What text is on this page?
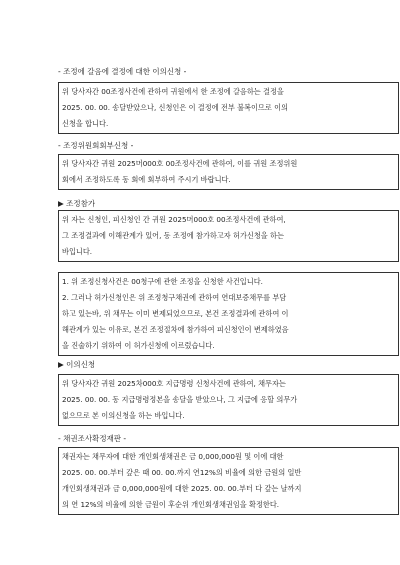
- 조정에 갈음에 결정에 대한 이의신청 -

위 당사자간 00조정사건에 관하여 귀원에서 한 조정에 갈음하는 결정을

2025. 00. 00. 송달받았으나, 신청인은 이 결정에 전부 불복이므로 이의

신청을 합니다.

- 조정위원회회부신청 -

위 당사자간 귀원 2025머000호 00조정사건에 관하여, 이를 귀원 조정위원

회에서 조정하도록 동 회에 회부하여 주시기 바랍니다.

▶ 조정참가

위 자는 신청인, 피신청인 간 귀원 2025머000호 00조정사건에 관하여,

그 조정결과에 이해관계가 있어, 동 조정에 참가하고자 허가신청을 하는

바입니다.

1. 위 조정신청사건은 00청구에 관한 조정을 신청한 사건입니다.

2. 그러나 허가신청인은 위 조정청구채권에 관하여 연대보증채무를 부담

하고 있는바, 위 채무는 이미 변제되었으므로, 본건 조정결과에 관하여 이

해관계가 있는 이유로, 본건 조정절차에 참가하여 피신청인이 변제하였음

을 진술하기 위하여 이 허가신청에 이르렀습니다.

▶ 이의신청

위 당사자간 귀원 2025차000호 지급명령 신청사건에 관하여, 채무자는

2025. 00. 00. 동 지급명령정본을 송달을 받았으나, 그 지급에 응할 의무가

없으므로 본 이의신청을 하는 바입니다.

- 채권조사확정재판 -

채권자는 채무자에 대한 개인회생채권은 금 0,000,000원 및 이에 대한

2025. 00. 00.부터 갚은 때 00. 00.까지 연12%의 비율에 의한 금원의 일반

개인회생채권과 금 0,000,000원에 대한 2025. 00. 00.부터 다 갚는 날까지

의 연 12%의 비율에 의한 금원이 후순위 개인회생채권임을 확정한다.
